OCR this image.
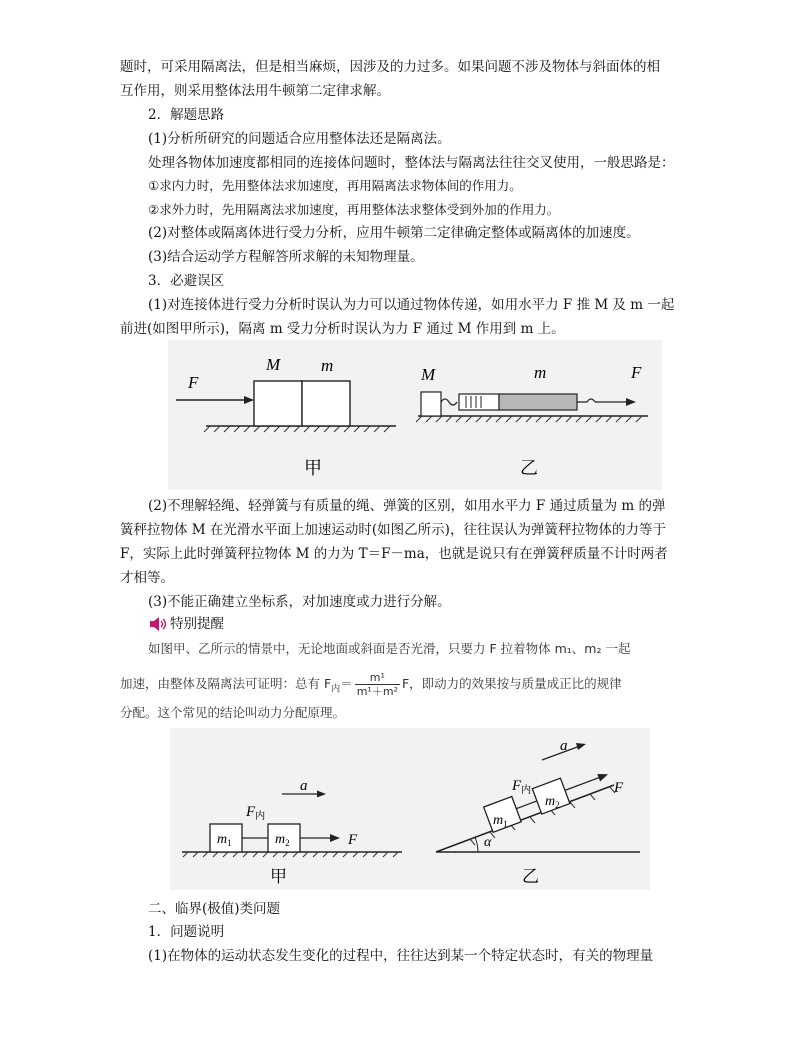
题时，可采用隔离法，但是相当麻烦，因涉及的力过多。如果问题不涉及物体与斜面体的相
互作用，则采用整体法用牛顿第二定律求解。
2．解题思路
(1)分析所研究的问题适合应用整体法还是隔离法。
处理各物体加速度都相同的连接体问题时，整体法与隔离法往往交叉使用，一般思路是：
①求内力时，先用整体法求加速度，再用隔离法求物体间的作用力。
②求外力时，先用隔离法求加速度，再用整体法求整体受到外加的作用力。
(2)对整体或隔离体进行受力分析，应用牛顿第二定律确定整体或隔离体的加速度。
(3)结合运动学方程解答所求解的未知物理量。
3．必避误区
(1)对连接体进行受力分析时误认为力可以通过物体传递，如用水平力 F 推 M 及 m 一起
前进(如图甲所示)，隔离 m 受力分析时误认为力 F 通过 M 作用到 m 上。
F
M m
甲
M	m	F
乙
(2)不理解轻绳、轻弹簧与有质量的绳、弹簧的区别，如用水平力 F 通过质量为 m 的弹
簧秤拉物体 M 在光滑水平面上加速运动时(如图乙所示)，往往误认为弹簧秤拉物体的力等于
F，实际上此时弹簧秤拉物体 M 的力为 T＝F－ma，也就是说只有在弹簧秤质量不计时两者
才相等。
(3)不能正确建立坐标系，对加速度或力进行分解。
特别提醒
如图甲、乙所示的情景中，无论地面或斜面是否光滑，只要力 F 拉着物体 m₁、m₂ 一起
加速，由整体及隔离法可证明：总有 $F_内= \frac{\text{m¹}}{\text{m¹＋m²}}$ F，即动力的效果按与质量成正比的规律
分配。这个常见的结论叫动力分配原理。
a
$F_内$
$m_1$	$m_2$	F
甲
a
$F_内$
$m_1$
$m_2$
F
α
乙
二、临界(极值)类问题
1．问题说明
(1)在物体的运动状态发生变化的过程中，往往达到某一个特定状态时，有关的物理量
